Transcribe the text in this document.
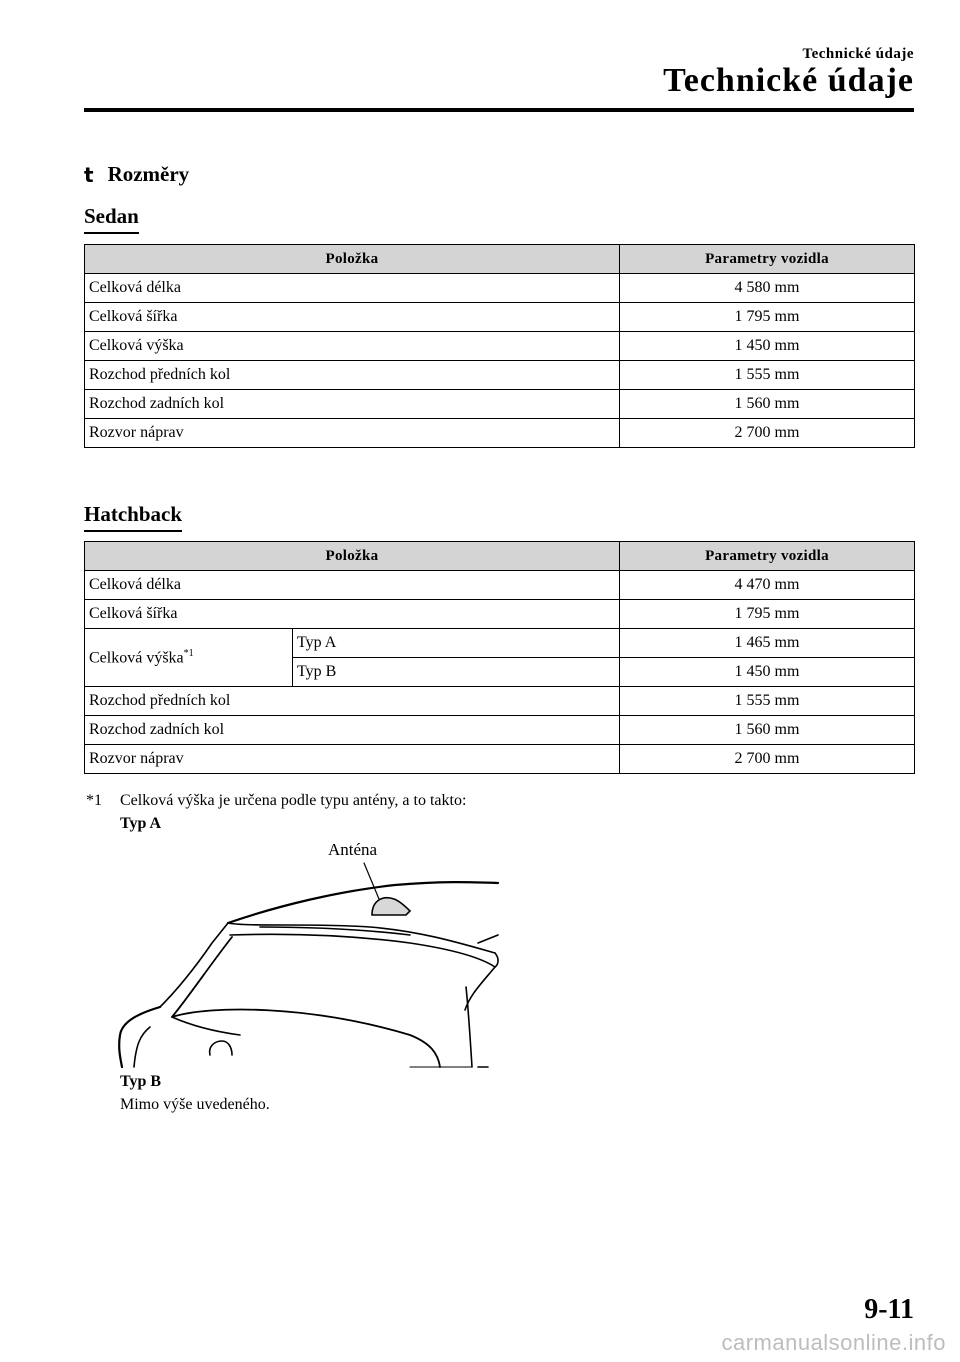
Technické údaje
Technické údaje
t Rozměry
Sedan
Položka	Parametry vozidla
Celková délka	4 580 mm
Celková šířka	1 795 mm
Celková výška	1 450 mm
Rozchod předních kol	1 555 mm
Rozchod zadních kol	1 560 mm
Rozvor náprav	2 700 mm
Hatchback
Položka		Parametry vozidla
Celková délka		4 470 mm
Celková šířka		1 795 mm
Celková výška$^{*1}$	Typ A	1 465 mm
	Typ B	1 450 mm
Rozchod předních kol		1 555 mm
Rozchod zadních kol		1 560 mm
Rozvor náprav		2 700 mm
*1 Celková výška je určena podle typu antény, a to takto:
Typ A
Anténa
Typ B
Mimo výše uvedeného.
9-11
carmanualsonline.info
